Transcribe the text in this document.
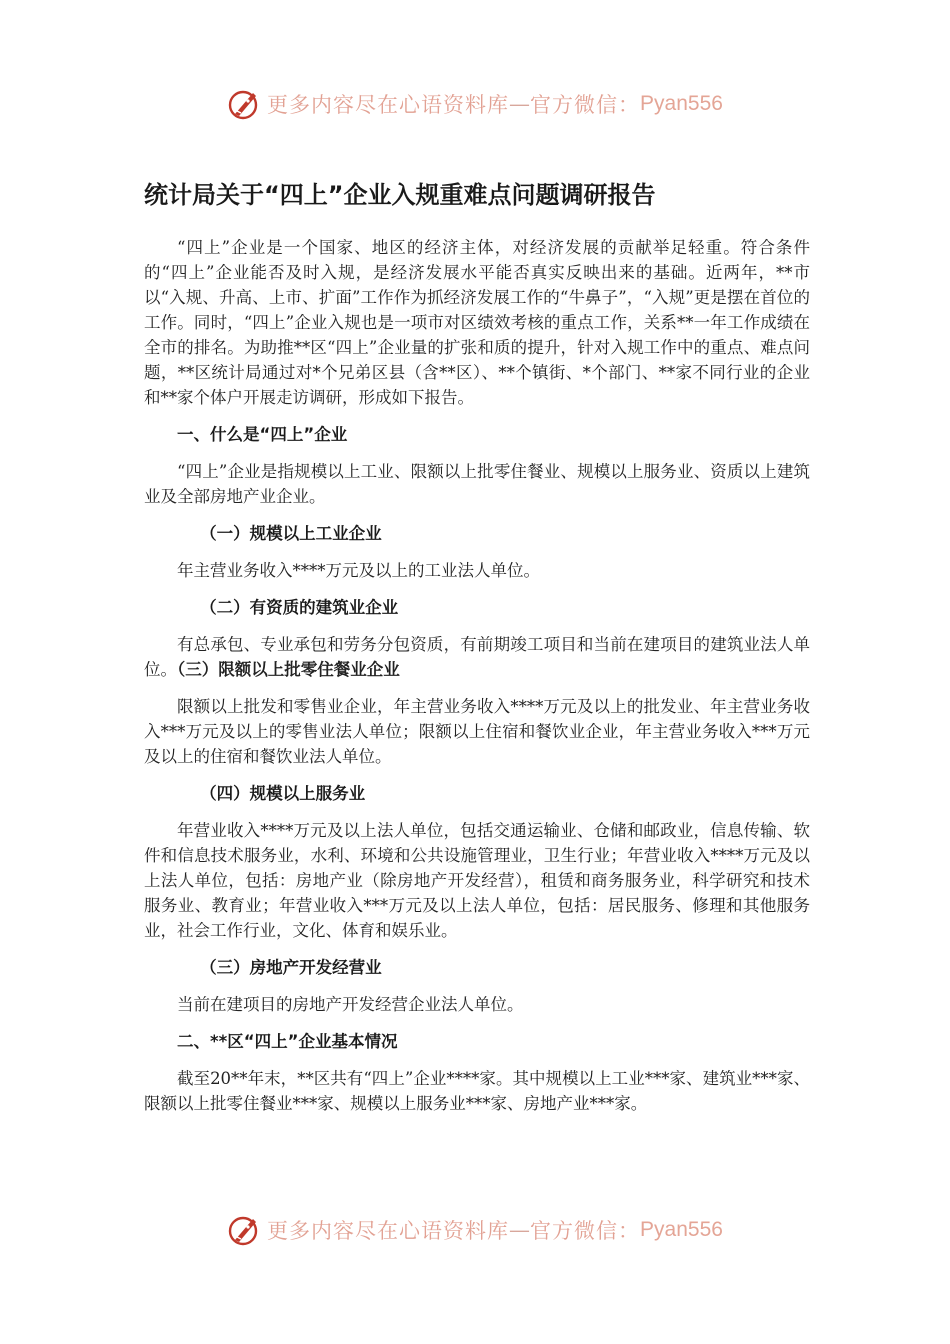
更多内容尽在心语资料库 — 官方微信： Pyan556
统计局关于“四上”企业入规重难点问题调研报告

“四上”企业是一个国家、地区的经济主体，对经济发展的贡献举足轻重。符合条件的“四上”企业能否及时入规，是经济发展水平能否真实反映出来的基础。近两年，**市以“入规、升高、上市、扩面”工作作为抓经济发展工作的“牛鼻子”，“入规”更是摆在首位的工作。同时，“四上”企业入规也是一项市对区绩效考核的重点工作，关系**一年工作成绩在全市的排名。为助推**区“四上”企业量的扩张和质的提升，针对入规工作中的重点、难点问题，**区统计局通过对*个兄弟区县（含**区）、**个镇街、*个部门、**家不同行业的企业和**家个体户开展走访调研，形成如下报告。

一、什么是“四上”企业

“四上”企业是指规模以上工业、限额以上批零住餐业、规模以上服务业、资质以上建筑业及全部房地产业企业。

（一）规模以上工业企业

年主营业务收入****万元及以上的工业法人单位。

（二）有资质的建筑业企业

有总承包、专业承包和劳务分包资质，有前期竣工项目和当前在建项目的建筑业法人单位。（三）限额以上批零住餐业企业

限额以上批发和零售业企业，年主营业务收入****万元及以上的批发业、年主营业务收入***万元及以上的零售业法人单位；限额以上住宿和餐饮业企业，年主营业务收入***万元及以上的住宿和餐饮业法人单位。

（四）规模以上服务业

年营业收入****万元及以上法人单位，包括交通运输业、仓储和邮政业，信息传输、软件和信息技术服务业，水利、环境和公共设施管理业，卫生行业；年营业收入****万元及以上法人单位，包括：房地产业（除房地产开发经营），租赁和商务服务业，科学研究和技术服务业、教育业；年营业收入***万元及以上法人单位，包括：居民服务、修理和其他服务业，社会工作行业，文化、体育和娱乐业。

（三）房地产开发经营业

当前在建项目的房地产开发经营企业法人单位。

二、**区“四上”企业基本情况

截至20**年末，**区共有“四上”企业****家。其中规模以上工业***家、建筑业***家、限额以上批零住餐业***家、规模以上服务业***家、房地产业***家。

更多内容尽在心语资料库 — 官方微信： Pyan556
